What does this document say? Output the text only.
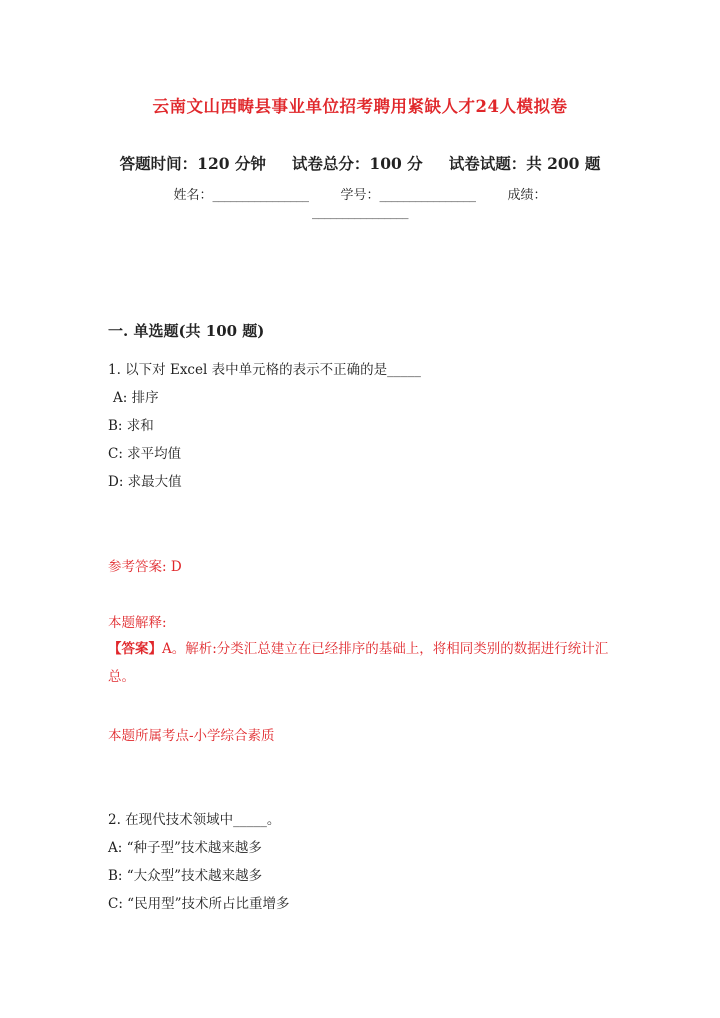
云南文山西畴县事业单位招考聘用紧缺人才24人模拟卷
答题时间：120 分钟 试卷总分：100 分 试卷试题：共 200 题
姓名：________________ 学号：________________ 成绩：
________________
一. 单选题(共 100 题)
1. 以下对 Excel 表中单元格的表示不正确的是_____
A: 排序
B: 求和
C: 求平均值
D: 求最大值
参考答案: D
本题解释:
【答案】A。解析:分类汇总建立在已经排序的基础上，将相同类别的数据进行统计汇总。
本题所属考点-小学综合素质
2. 在现代技术领域中_____。
A: “种子型”技术越来越多
B: “大众型”技术越来越多
C: “民用型”技术所占比重增多
